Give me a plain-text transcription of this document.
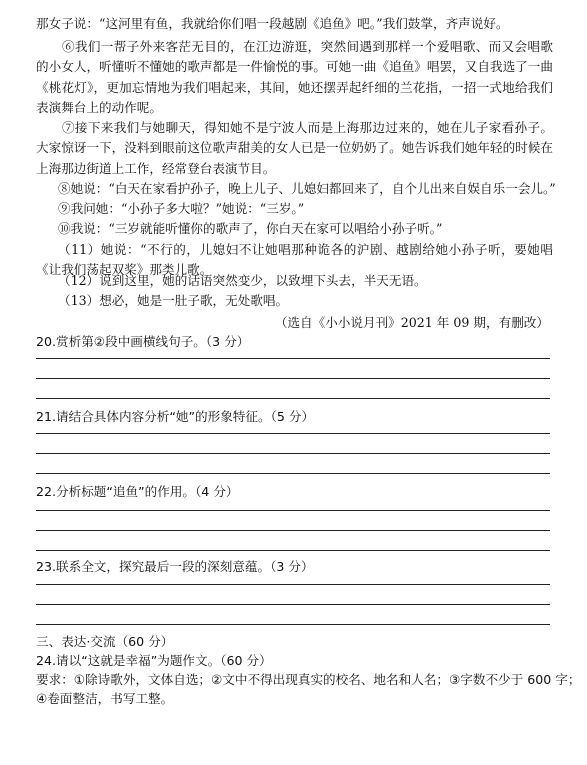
那女子说：“这河里有鱼，我就给你们唱一段越剧《追鱼》吧。”我们鼓掌，齐声说好。
⑥我们一帮子外来客茫无目的，在江边游逛，突然间遇到那样一个爱唱歌、而又会唱歌的小女人，听懂听不懂她的歌声都是一件愉悦的事。可她一曲《追鱼》唱罢，又自我选了一曲《桃花灯》，更加忘情地为我们唱起来，其间，她还摆弄起纤细的兰花指，一招一式地给我们表演舞台上的动作呢。
⑦接下来我们与她聊天，得知她不是宁波人而是上海那边过来的，她在儿子家看孙子。大家惊讶一下，没料到眼前这位歌声甜美的女人已是一位奶奶了。她告诉我们她年轻的时候在上海那边街道上工作，经常登台表演节目。
⑧她说：“白天在家看护孙子，晚上儿子、儿媳妇都回来了，自个儿出来自娱自乐一会儿。”
⑨我问她：“小孙子多大啦？”她说：“三岁。”
⑩我说：“三岁就能听懂你的歌声了，你白天在家可以唱给小孙子听。”
（11）她说：“不行的，儿媳妇不让她唱那种诡各的沪剧、越剧给她小孙子听，要她唱《让我们荡起双桨》那类儿歌。
（12）说到这里，她的话语突然变少，以致埋下头去，半天无语。
（13）想必，她是一肚子歌，无处歌唱。
（选自《小小说月刊》2021 年 09 期，有删改）
20.赏析第②段中画横线句子。（3 分）
21.请结合具体内容分析“她”的形象特征。（5 分）
22.分析标题“追鱼”的作用。（4 分）
23.联系全文，探究最后一段的深刻意蕴。（3 分）
三、表达·交流（60 分）
24.请以“这就是幸福”为题作文。（60 分）
要求：①除诗歌外，文体自选；②文中不得出现真实的校名、地名和人名；③字数不少于 600 字；
④卷面整洁，书写工整。
